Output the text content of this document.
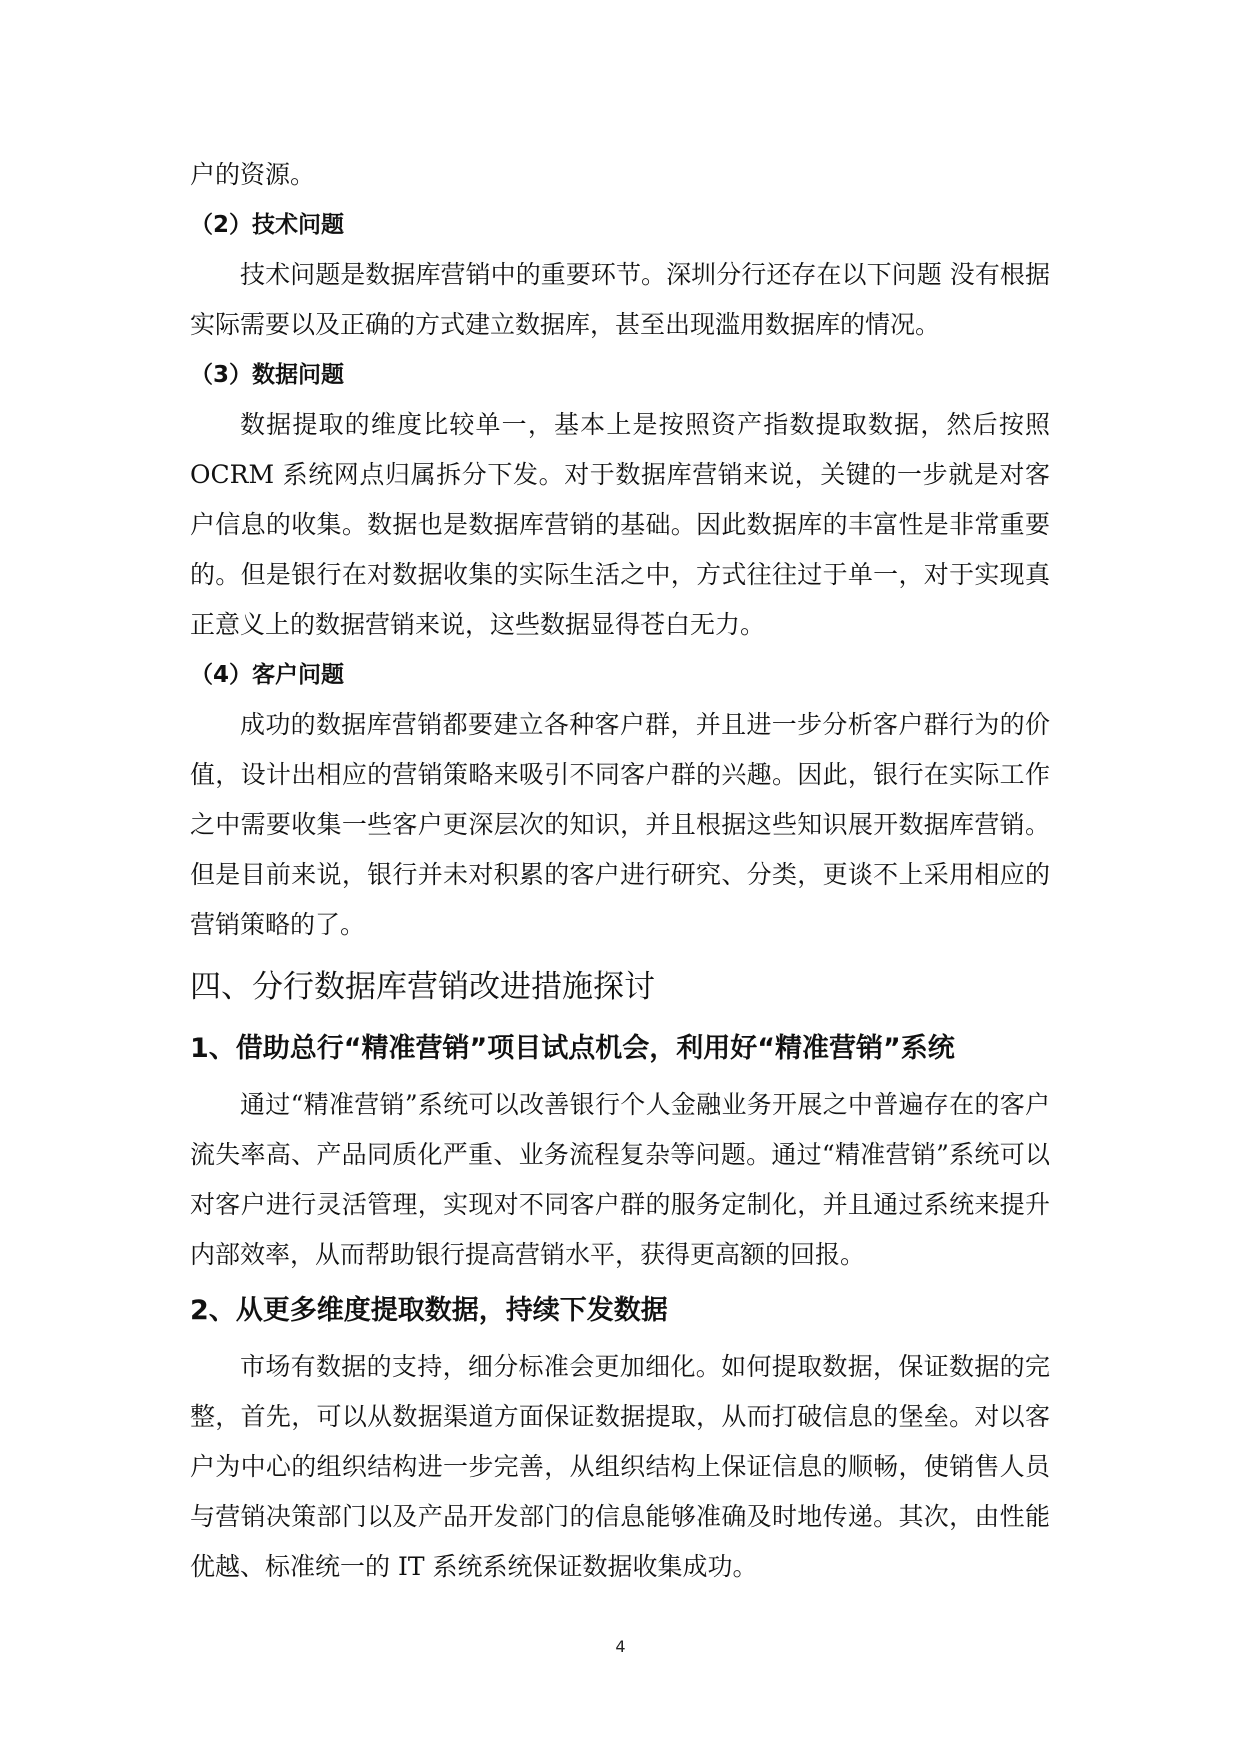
户的资源。

（2）技术问题

技术问题是数据库营销中的重要环节。深圳分行还存在以下问题 没有根据实际需要以及正确的方式建立数据库，甚至出现滥用数据库的情况。

（3）数据问题

数据提取的维度比较单一，基本上是按照资产指数提取数据，然后按照OCRM 系统网点归属拆分下发。对于数据库营销来说，关键的一步就是对客户信息的收集。数据也是数据库营销的基础。因此数据库的丰富性是非常重要的。但是银行在对数据收集的实际生活之中，方式往往过于单一，对于实现真正意义上的数据营销来说，这些数据显得苍白无力。

（4）客户问题

成功的数据库营销都要建立各种客户群，并且进一步分析客户群行为的价值，设计出相应的营销策略来吸引不同客户群的兴趣。因此，银行在实际工作之中需要收集一些客户更深层次的知识，并且根据这些知识展开数据库营销。但是目前来说，银行并未对积累的客户进行研究、分类，更谈不上采用相应的营销策略的了。

四、分行数据库营销改进措施探讨
1、借助总行“精准营销”项目试点机会，利用好“精准营销”系统

通过“精准营销”系统可以改善银行个人金融业务开展之中普遍存在的客户流失率高、产品同质化严重、业务流程复杂等问题。通过“精准营销”系统可以对客户进行灵活管理，实现对不同客户群的服务定制化，并且通过系统来提升内部效率，从而帮助银行提高营销水平，获得更高额的回报。

2、从更多维度提取数据，持续下发数据

市场有数据的支持，细分标准会更加细化。如何提取数据，保证数据的完整，首先，可以从数据渠道方面保证数据提取，从而打破信息的堡垒。对以客户为中心的组织结构进一步完善，从组织结构上保证信息的顺畅，使销售人员与营销决策部门以及产品开发部门的信息能够准确及时地传递。其次，由性能优越、标准统一的 IT 系统系统保证数据收集成功。

4
